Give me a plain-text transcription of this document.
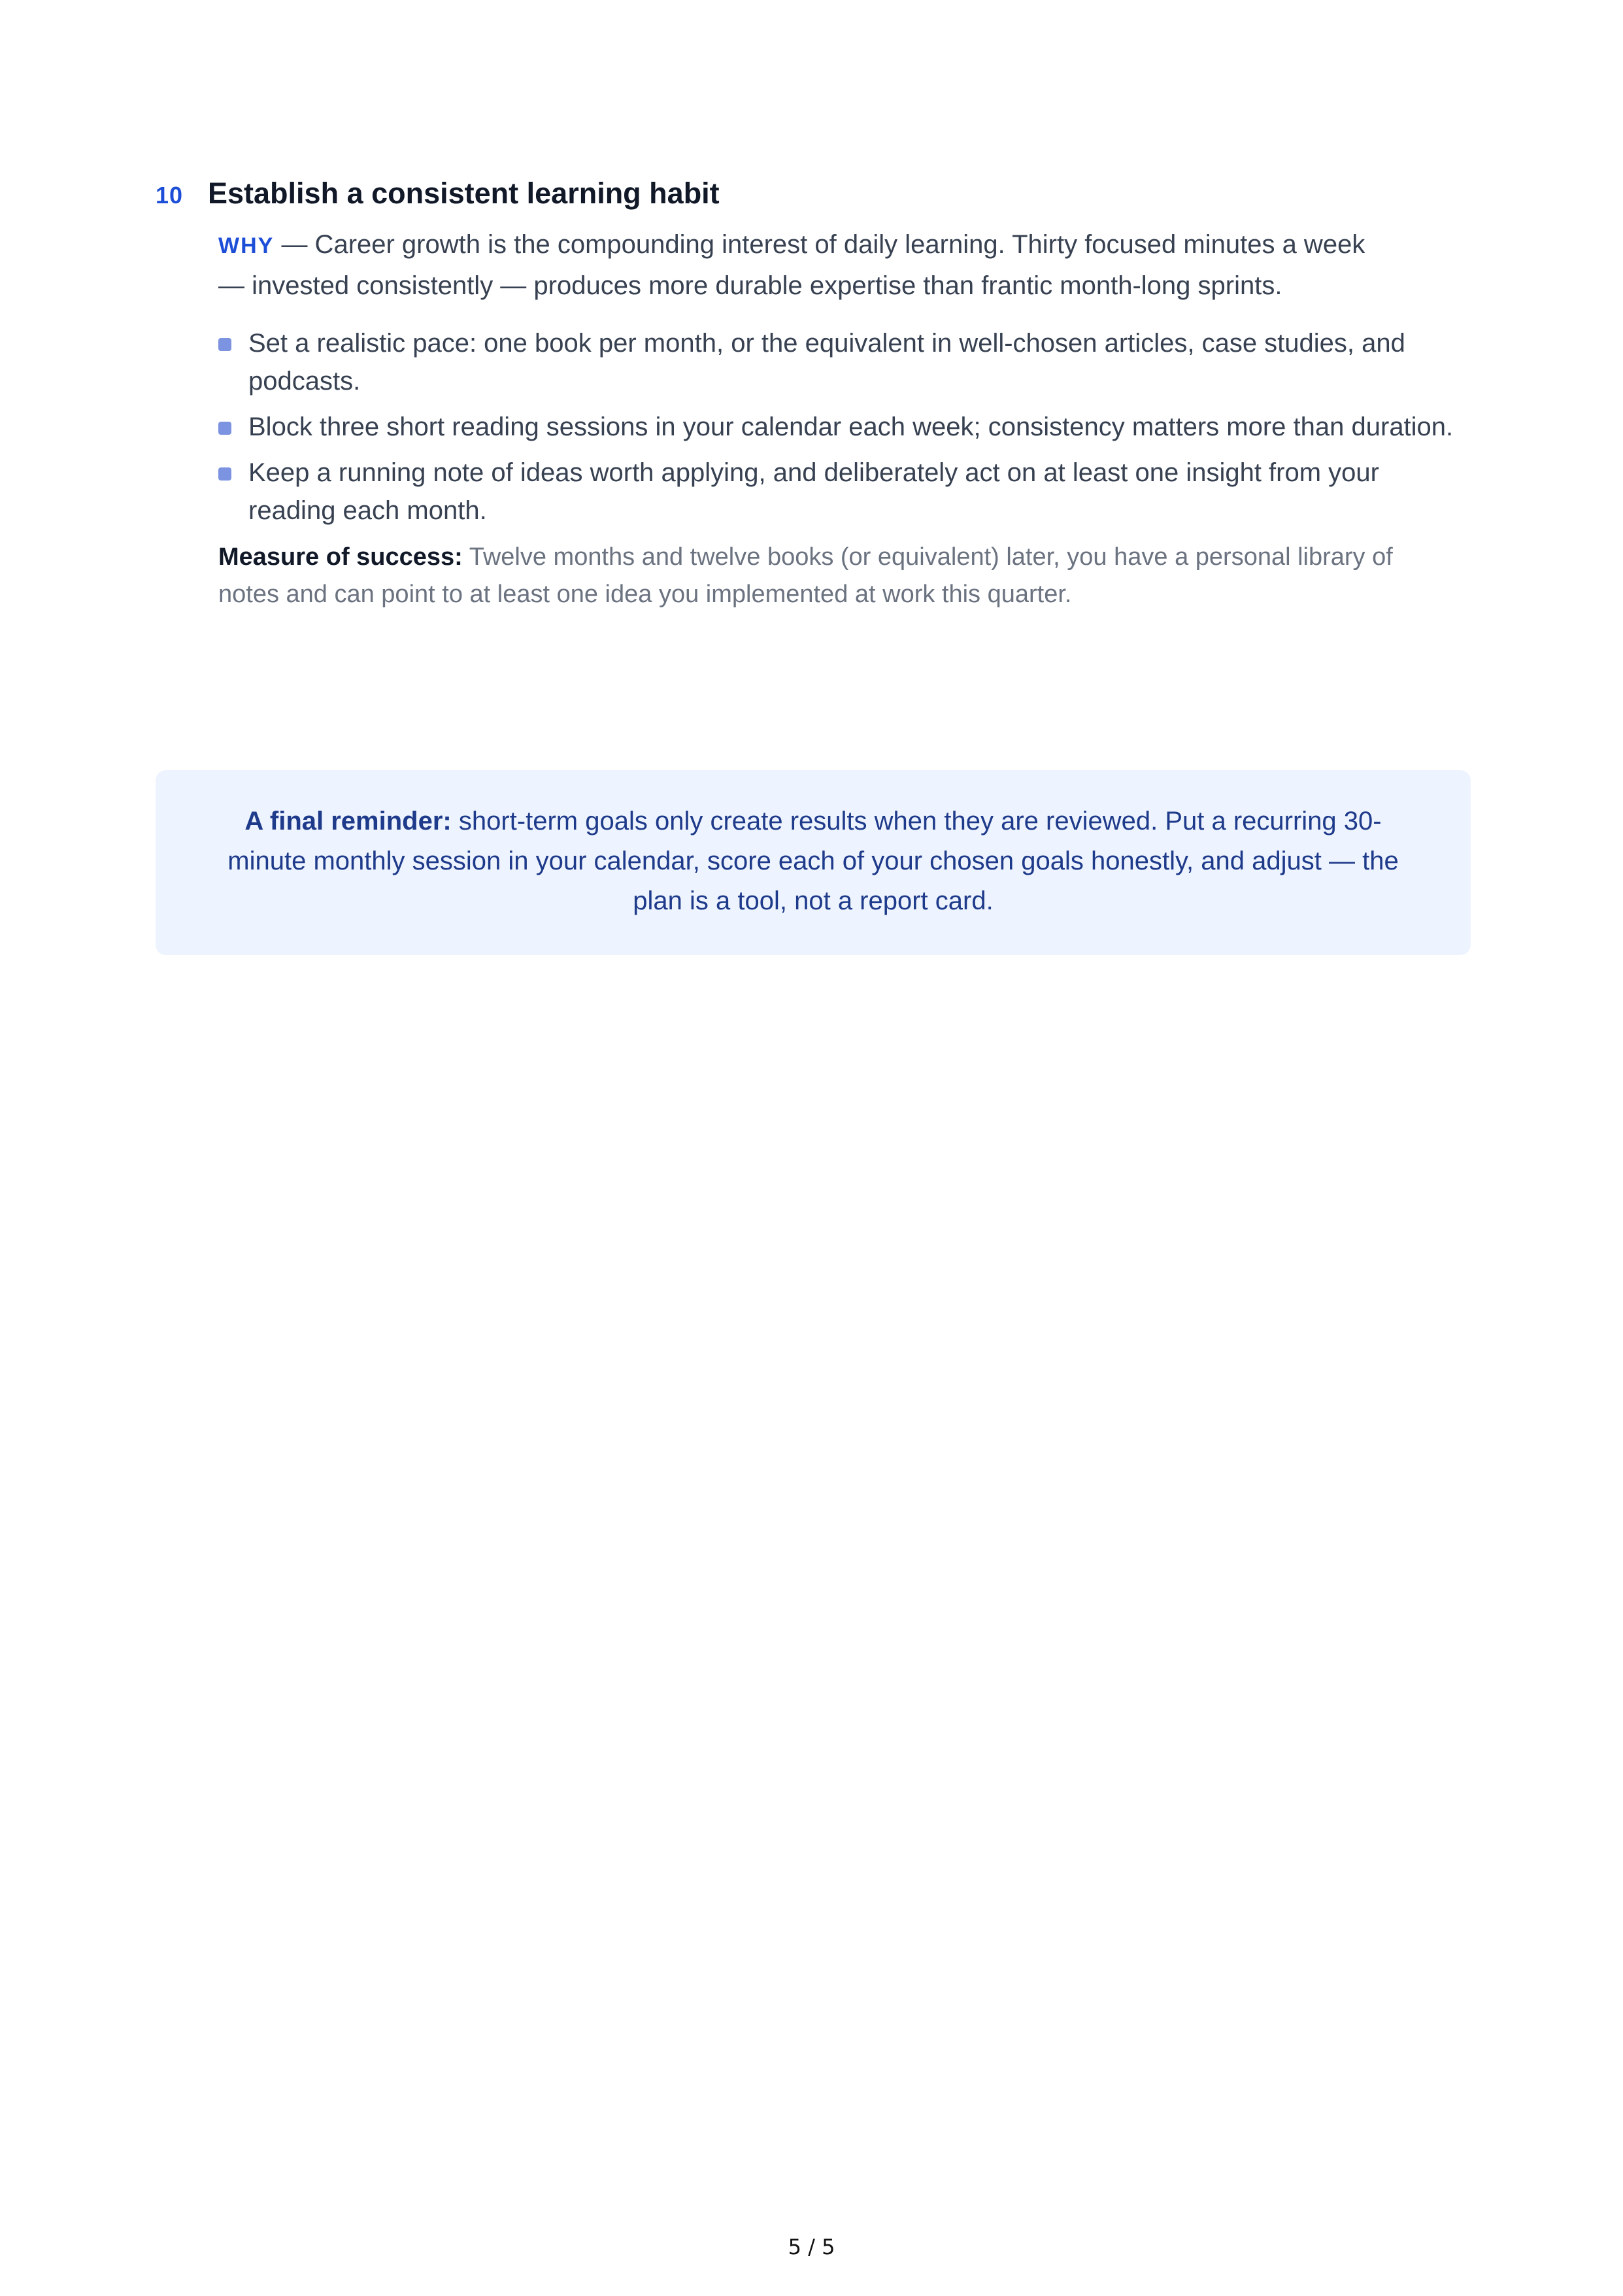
10 Establish a consistent learning habit

WHY — Career growth is the compounding interest of daily learning. Thirty focused minutes a week — invested consistently — produces more durable expertise than frantic month-long sprints.

Set a realistic pace: one book per month, or the equivalent in well-chosen articles, case studies, and podcasts.
Block three short reading sessions in your calendar each week; consistency matters more than duration.
Keep a running note of ideas worth applying, and deliberately act on at least one insight from your reading each month.

Measure of success: Twelve months and twelve books (or equivalent) later, you have a personal library of notes and can point to at least one idea you implemented at work this quarter.

A final reminder: short-term goals only create results when they are reviewed. Put a recurring 30-minute monthly session in your calendar, score each of your chosen goals honestly, and adjust — the plan is a tool, not a report card.
5 / 5
